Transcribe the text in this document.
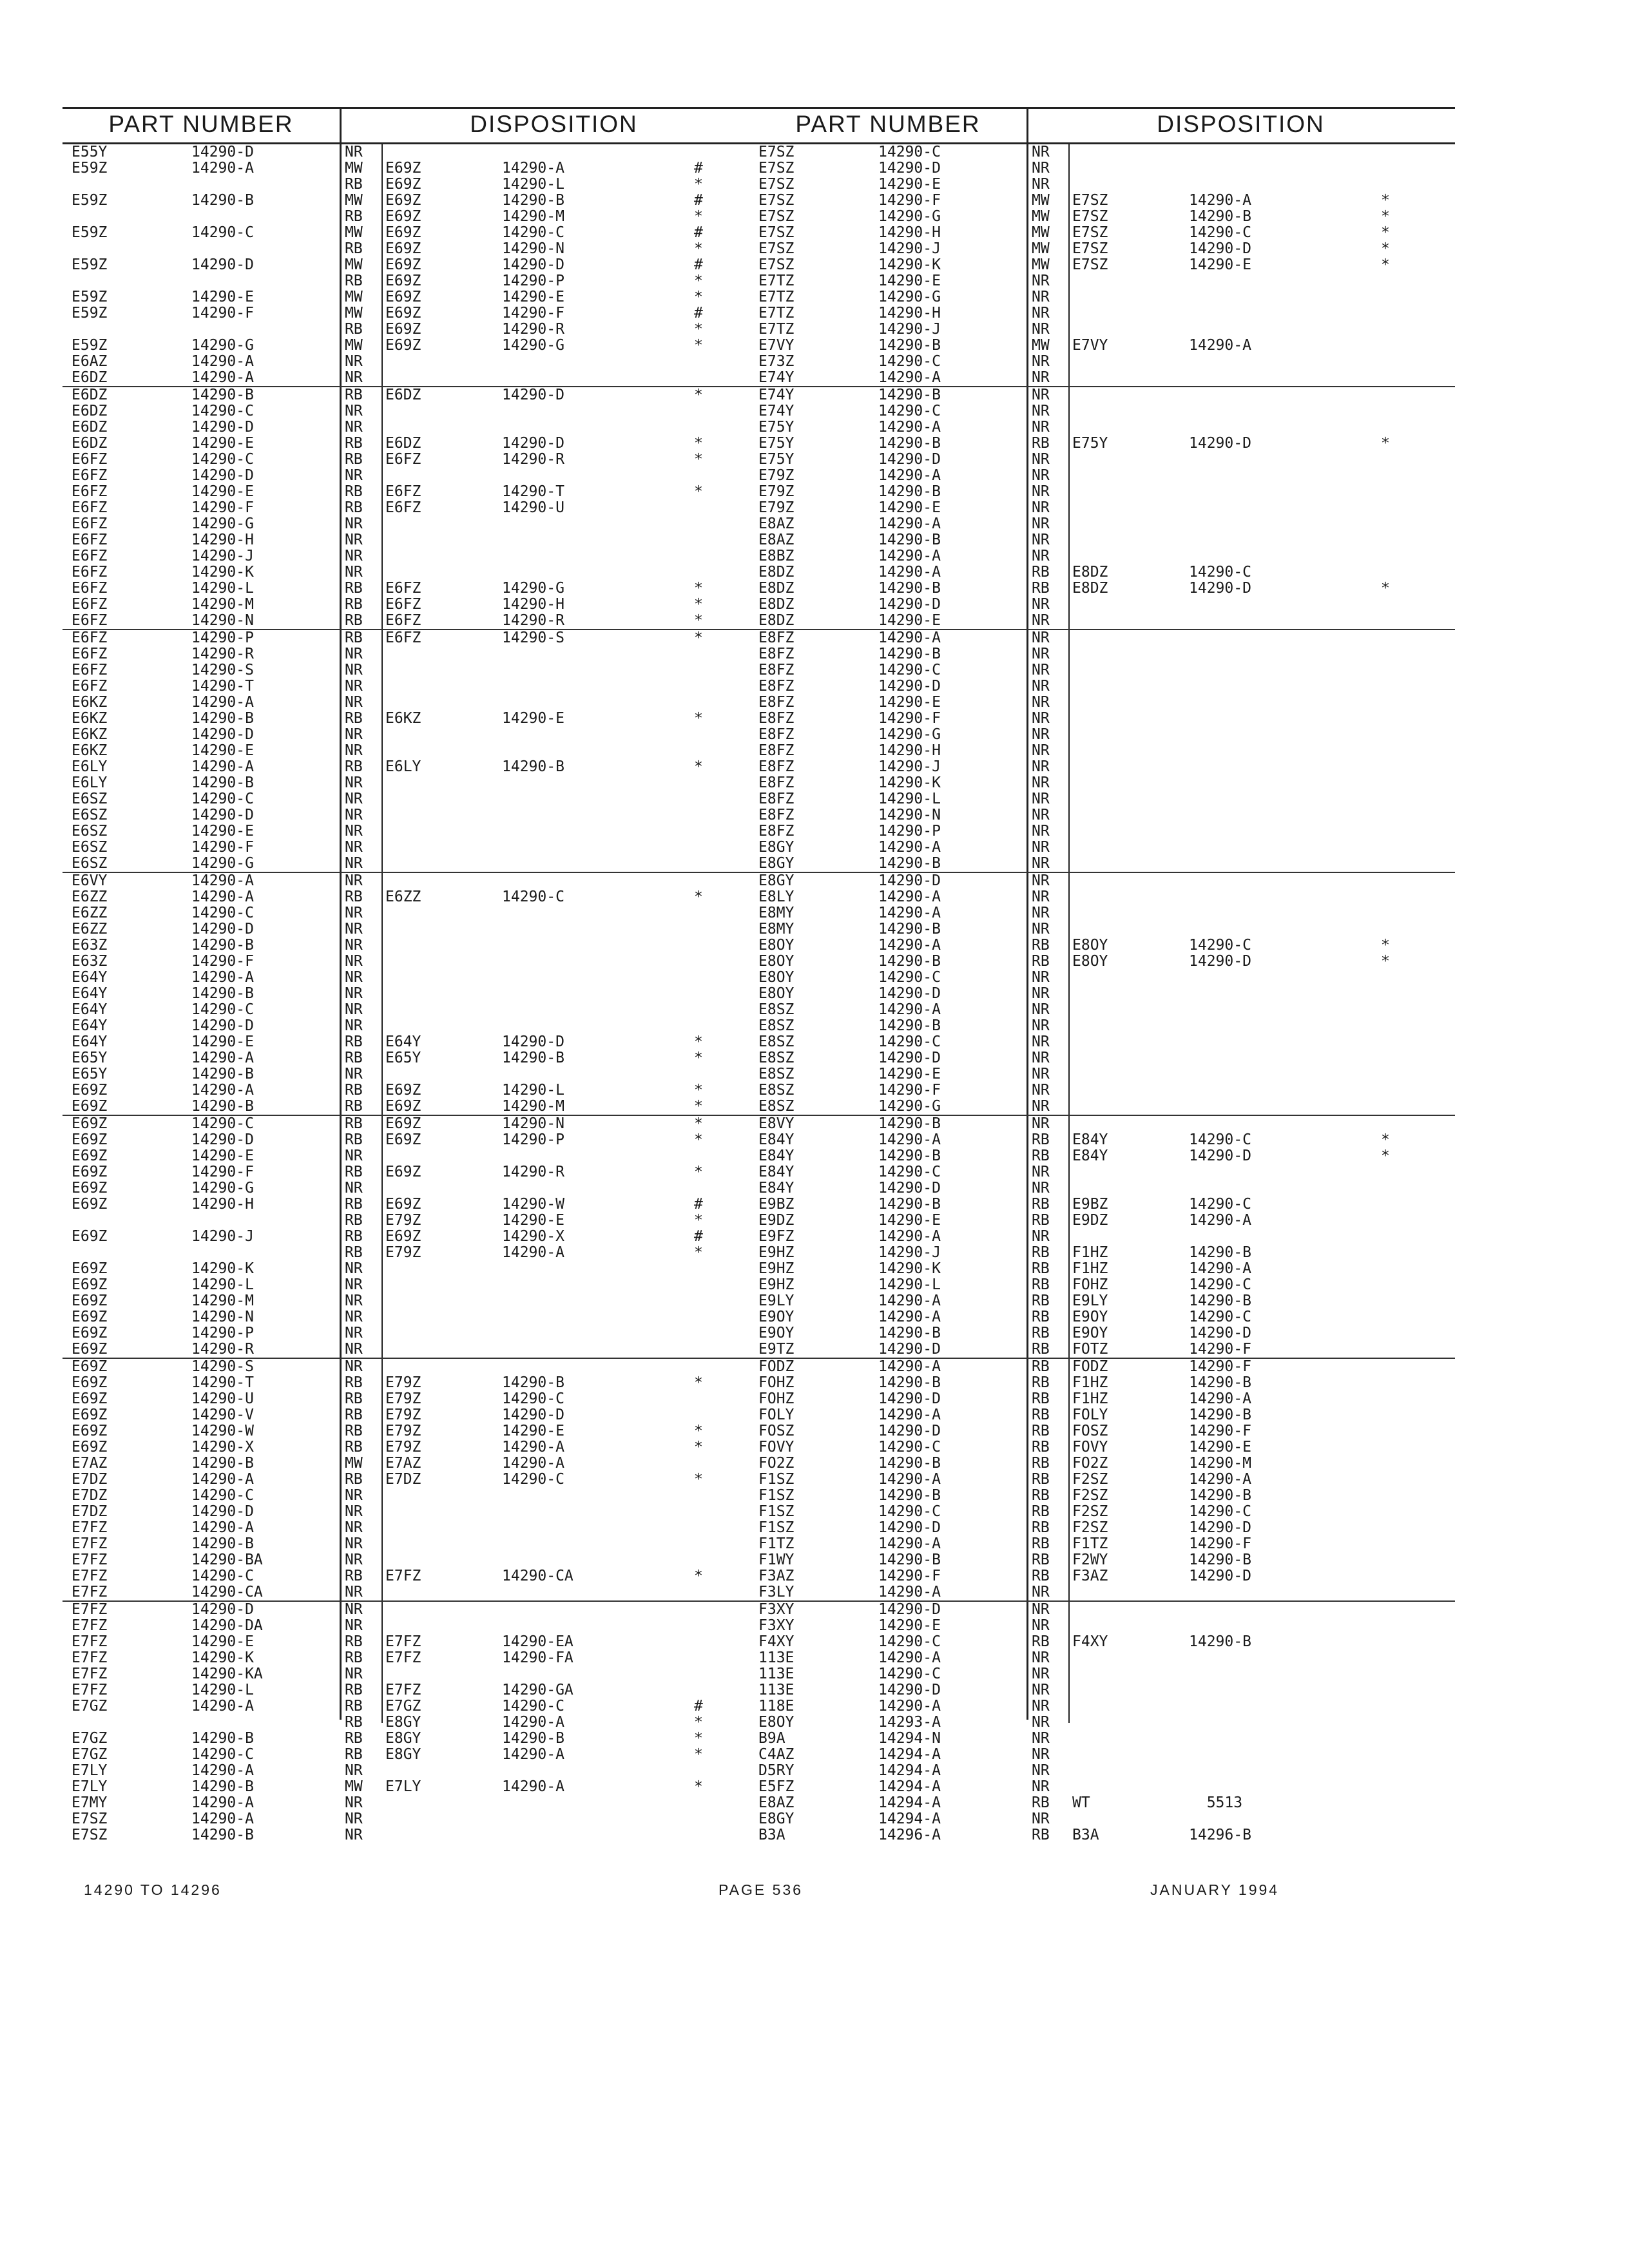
PART NUMBER	DISPOSITION
E55Y	14290-D	NR
E59Z	14290-A	MW E69Z	14290-A	#
RB E69Z	14290-L	*
E59Z	14290-B	MW E69Z	14290-B	#
RB E69Z	14290-M	*
E59Z	14290-C	MW E69Z	14290-C	#
RB E69Z	14290-N	*
E59Z	14290-D	MW E69Z	14290-D	#
RB E69Z	14290-P	*
E59Z	14290-E	MW E69Z	14290-E	*
E59Z	14290-F	MW E69Z	14290-F	#
RB E69Z	14290-R	*
E59Z	14290-G	MW E69Z	14290-G	*
E6AZ	14290-A	NR
E6DZ	14290-A	NR
E6DZ	14290-B	RB E6DZ	14290-D	*
E6DZ	14290-C	NR
E6DZ	14290-D	NR
E6DZ	14290-E	RB E6DZ	14290-D	*
E6FZ	14290-C	RB E6FZ	14290-R	*
E6FZ	14290-D	NR
E6FZ	14290-E	RB E6FZ	14290-T	*
E6FZ	14290-F	RB E6FZ	14290-U
E6FZ	14290-G	NR
E6FZ	14290-H	NR
E6FZ	14290-J	NR
E6FZ	14290-K	NR
E6FZ	14290-L	RB E6FZ	14290-G	*
E6FZ	14290-M	RB E6FZ	14290-H	*
E6FZ	14290-N	RB E6FZ	14290-R	*
E6FZ	14290-P	RB E6FZ	14290-S	*
E6FZ	14290-R	NR
E6FZ	14290-S	NR
E6FZ	14290-T	NR
E6KZ	14290-A	NR
E6KZ	14290-B	RB E6KZ	14290-E	*
E6KZ	14290-D	NR
E6KZ	14290-E	NR
E6LY	14290-A	RB E6LY	14290-B	*
E6LY	14290-B	NR
E6SZ	14290-C	NR
E6SZ	14290-D	NR
E6SZ	14290-E	NR
E6SZ	14290-F	NR
E6SZ	14290-G	NR
E6VY	14290-A	NR
E6ZZ	14290-A	RB E6ZZ	14290-C	*
E6ZZ	14290-C	NR
E6ZZ	14290-D	NR
E63Z	14290-B	NR
E63Z	14290-F	NR
E64Y	14290-A	NR
E64Y	14290-B	NR
E64Y	14290-C	NR
E64Y	14290-D	NR
E64Y	14290-E	RB E64Y	14290-D	*
E65Y	14290-A	RB E65Y	14290-B	*
E65Y	14290-B	NR
E69Z	14290-A	RB E69Z	14290-L	*
E69Z	14290-B	RB E69Z	14290-M	*
E69Z	14290-C	RB E69Z	14290-N	*
E69Z	14290-D	RB E69Z	14290-P	*
E69Z	14290-E	NR
E69Z	14290-F	RB E69Z	14290-R	*
E69Z	14290-G	NR
E69Z	14290-H	RB E69Z	14290-W	#
RB E79Z	14290-E	*
E69Z	14290-J	RB E69Z	14290-X	#
RB E79Z	14290-A	*
E69Z	14290-K	NR
E69Z	14290-L	NR
E69Z	14290-M	NR
E69Z	14290-N	NR
E69Z	14290-P	NR
E69Z	14290-R	NR
E69Z	14290-S	NR
E69Z	14290-T	RB E79Z	14290-B	*
E69Z	14290-U	RB E79Z	14290-C
E69Z	14290-V	RB E79Z	14290-D
E69Z	14290-W	RB E79Z	14290-E	*
E69Z	14290-X	RB E79Z	14290-A	*
E7AZ	14290-B	MW E7AZ	14290-A
E7DZ	14290-A	RB E7DZ	14290-C	*
E7DZ	14290-C	NR
E7DZ	14290-D	NR
E7FZ	14290-A	NR
E7FZ	14290-B	NR
E7FZ	14290-BA	NR
E7FZ	14290-C	RB E7FZ	14290-CA	*
E7FZ	14290-CA	NR
E7FZ	14290-D	NR
E7FZ	14290-DA	NR
E7FZ	14290-E	RB E7FZ	14290-EA
E7FZ	14290-K	RB E7FZ	14290-FA
E7FZ	14290-KA	NR
E7FZ	14290-L	RB E7FZ	14290-GA
E7GZ	14290-A	RB E7GZ	14290-C	#
RB E8GY	14290-A	*
E7GZ	14290-B	RB E8GY	14290-B	*
E7GZ	14290-C	RB E8GY	14290-A	*
E7LY	14290-A	NR
E7LY	14290-B	MW E7LY	14290-A	*
E7MY	14290-A	NR
E7SZ	14290-A	NR
E7SZ	14290-B	NR
PART NUMBER	DISPOSITION
E7SZ	14290-C	NR
E7SZ	14290-D	NR
E7SZ	14290-E	NR
E7SZ	14290-F	MW E7SZ	14290-A	*
E7SZ	14290-G	MW E7SZ	14290-B	*
E7SZ	14290-H	MW E7SZ	14290-C	*
E7SZ	14290-J	MW E7SZ	14290-D	*
E7SZ	14290-K	MW E7SZ	14290-E	*
E7TZ	14290-E	NR
E7TZ	14290-G	NR
E7TZ	14290-H	NR
E7TZ	14290-J	NR
E7VY	14290-B	MW E7VY	14290-A
E73Z	14290-C	NR
E74Y	14290-A	NR
E74Y	14290-B	NR
E74Y	14290-C	NR
E75Y	14290-A	NR
E75Y	14290-B	RB E75Y	14290-D	*
E75Y	14290-D	NR
E79Z	14290-A	NR
E79Z	14290-B	NR
E79Z	14290-E	NR
E8AZ	14290-A	NR
E8AZ	14290-B	NR
E8BZ	14290-A	NR
E8DZ	14290-A	RB E8DZ	14290-C
E8DZ	14290-B	RB E8DZ	14290-D	*
E8DZ	14290-D	NR
E8DZ	14290-E	NR
E8FZ	14290-A	NR
E8FZ	14290-B	NR
E8FZ	14290-C	NR
E8FZ	14290-D	NR
E8FZ	14290-E	NR
E8FZ	14290-F	NR
E8FZ	14290-G	NR
E8FZ	14290-H	NR
E8FZ	14290-J	NR
E8FZ	14290-K	NR
E8FZ	14290-L	NR
E8FZ	14290-N	NR
E8FZ	14290-P	NR
E8GY	14290-A	NR
E8GY	14290-B	NR
E8GY	14290-D	NR
E8LY	14290-A	NR
E8MY	14290-A	NR
E8MY	14290-B	NR
E8OY	14290-A	RB E8OY	14290-C	*
E8OY	14290-B	RB E8OY	14290-D	*
E8OY	14290-C	NR
E8OY	14290-D	NR
E8SZ	14290-A	NR
E8SZ	14290-B	NR
E8SZ	14290-C	NR
E8SZ	14290-D	NR
E8SZ	14290-E	NR
E8SZ	14290-F	NR
E8SZ	14290-G	NR
E8VY	14290-B	NR
E84Y	14290-A	RB E84Y	14290-C	*
E84Y	14290-B	RB E84Y	14290-D	*
E84Y	14290-C	NR
E84Y	14290-D	NR
E9BZ	14290-B	RB E9BZ	14290-C
E9DZ	14290-E	RB E9DZ	14290-A
E9FZ	14290-A	NR
E9HZ	14290-J	RB F1HZ	14290-B
E9HZ	14290-K	RB F1HZ	14290-A
E9HZ	14290-L	RB FOHZ	14290-C
E9LY	14290-A	RB E9LY	14290-B
E9OY	14290-A	RB E9OY	14290-C
E9OY	14290-B	RB E9OY	14290-D
E9TZ	14290-D	RB FOTZ	14290-F
FODZ	14290-A	RB FODZ	14290-F
FOHZ	14290-B	RB F1HZ	14290-B
FOHZ	14290-D	RB F1HZ	14290-A
FOLY	14290-A	RB FOLY	14290-B
FOSZ	14290-D	RB FOSZ	14290-F
FOVY	14290-C	RB FOVY	14290-E
FO2Z	14290-B	RB FO2Z	14290-M
F1SZ	14290-A	RB F2SZ	14290-A
F1SZ	14290-B	RB F2SZ	14290-B
F1SZ	14290-C	RB F2SZ	14290-C
F1SZ	14290-D	RB F2SZ	14290-D
F1TZ	14290-A	RB F1TZ	14290-F
F1WY	14290-B	RB F2WY	14290-B
F3AZ	14290-F	RB F3AZ	14290-D
F3LY	14290-A	NR
F3XY	14290-D	NR
F3XY	14290-E	NR
F4XY	14290-C	RB F4XY	14290-B
113E	14290-A	NR
113E	14290-C	NR
113E	14290-D	NR
118E	14290-A	NR
E8OY	14293-A	NR
B9A	14294-N	NR
C4AZ	14294-A	NR
D5RY	14294-A	NR
E5FZ	14294-A	NR
E8AZ	14294-A	RB WT	5513
E8GY	14294-A	NR
B3A	14296-A	RB B3A	14296-B
14290 TO 14296	PAGE 536	JANUARY 1994
